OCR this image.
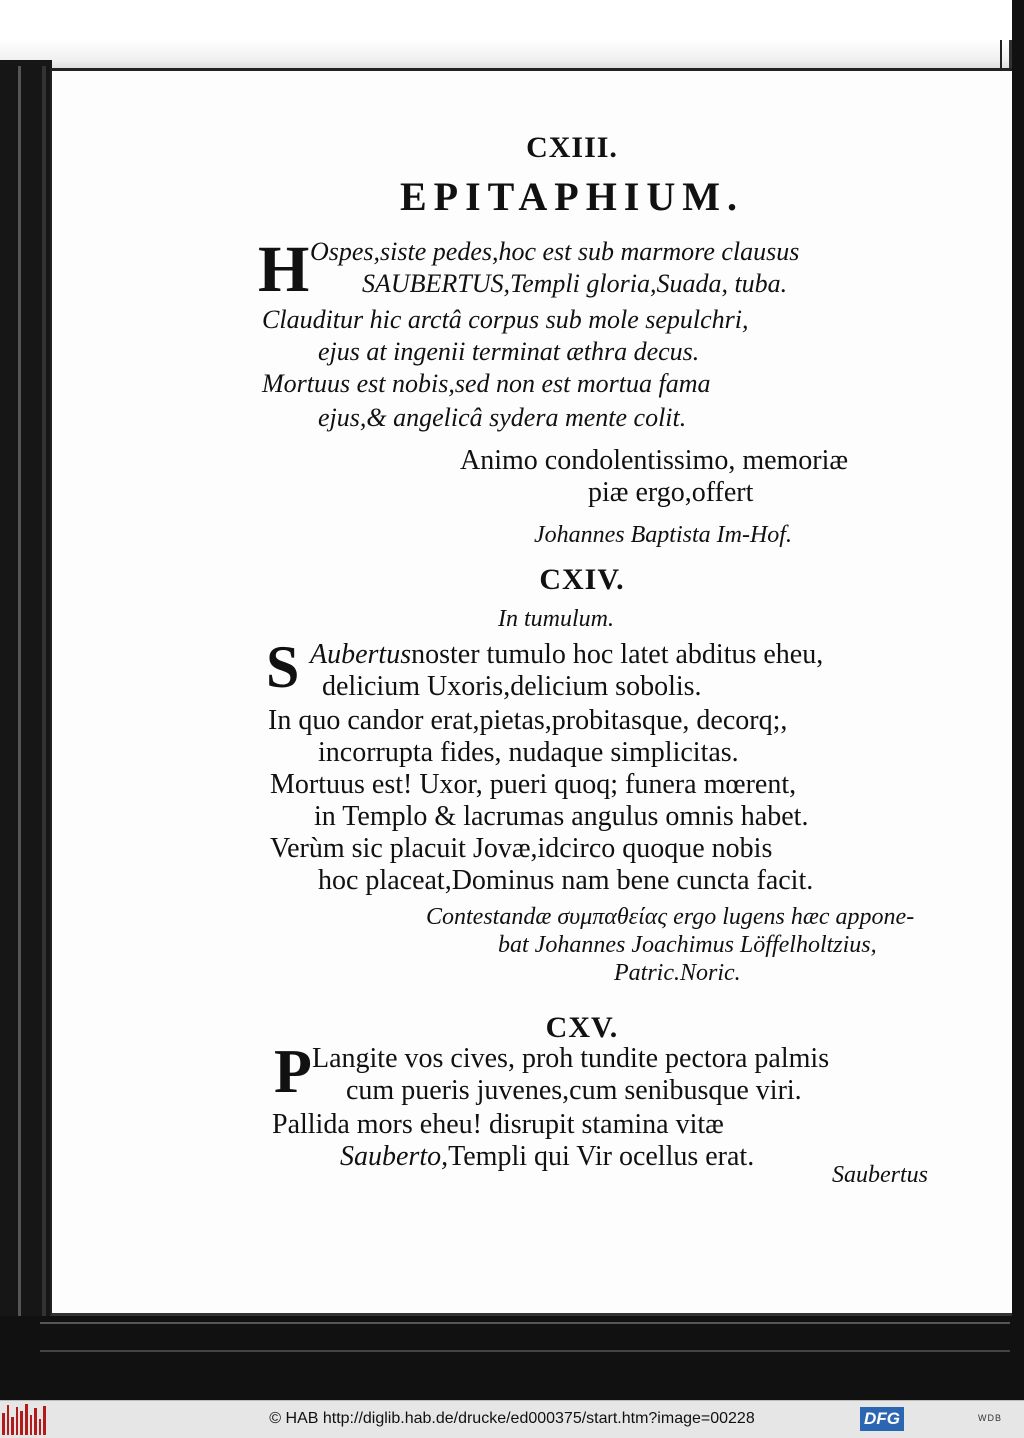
CXIII.
EPITAPHIUM.
H Ospes,siste pedes,hoc est sub marmore clausus
SAUBERTUS,Templi gloria,Suada, tuba.
Clauditur hic arctâ corpus sub mole sepulchri,
ejus at ingenii terminat æthra decus.
Mortuus est nobis,sed non est mortua fama
ejus,& angelicâ sydera mente colit.
Animo condolentissimo, memoriæ
piæ ergo,offert
Johannes Baptista Im-Hof.
CXIV.
In tumulum.
S Aubertusnoster tumulo hoc latet abditus eheu,
delicium Uxoris,delicium sobolis.
In quo candor erat,pietas,probitasque, decorq;,
incorrupta fides, nudaque simplicitas.
Mortuus est! Uxor, pueri quoq; funera mœrent,
in Templo & lacrumas angulus omnis habet.
Verùm sic placuit Jovæ,idcirco quoque nobis
hoc placeat,Dominus nam bene cuncta facit.
Contestandæ συμπαθείας ergo lugens hæc appone-
bat Johannes Joachimus Löffelholtzius,
Patric.Noric.
CXV.
P Langite vos cives, proh tundite pectora palmis
cum pueris juvenes,cum senibusque viri.
Pallida mors eheu! disrupit stamina vitæ
Sauberto,Templi qui Vir ocellus erat.
Saubertus
© HAB http://diglib.hab.de/drucke/ed000375/start.htm?image=00228	DFG	WDB
